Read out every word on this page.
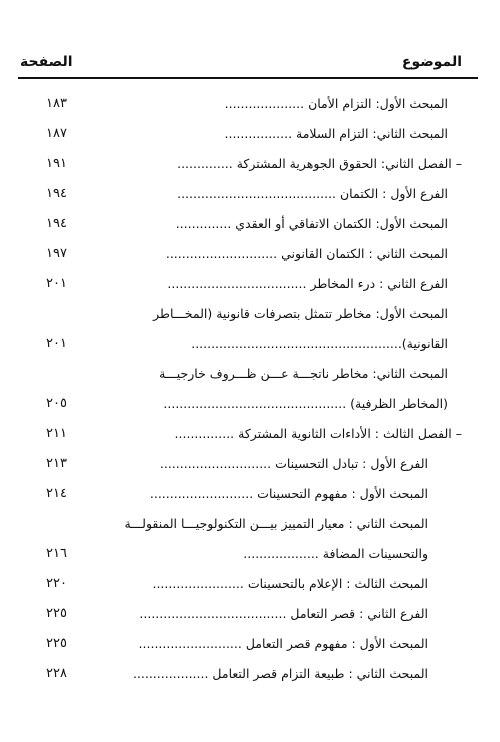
الموضوع
الصفحة
المبحث الأول: التزام الأمان ....................
١٨٣
المبحث الثاني: التزام السلامة .................
١٨٧
– الفصل الثاني: الحقوق الجوهرية المشتركة ..............
١٩١
الفرع الأول : الكتمان ........................................
١٩٤
المبحث الأول: الكتمان الاتفاقي أو العقدي ..............
١٩٤
المبحث الثاني : الكتمان القانوني ............................
١٩٧
الفرع الثاني : درء المخاطر ...................................
٢٠١
المبحث الأول: مخاطر تتمثل بتصرفات قانونية (المخـــاطر
القانونية).....................................................
٢٠١
المبحث الثاني: مخاطر ناتجـــة عـــن ظـــروف خارجيـــة
(المخاطر الظرفية) ..............................................
٢٠٥
– الفصل الثالث : الأداءات الثانوية المشتركة ...............
٢١١
الفرع الأول : تبادل التحسينات ............................
٢١٣
المبحث الأول : مفهوم التحسينات ..........................
٢١٤
المبحث الثاني : معيار التمييز بيـــن التكنولوجيـــا المنقولـــة
والتحسينات المضافة ...................
٢١٦
المبحث الثالث : الإعلام بالتحسينات .......................
٢٢٠
الفرع الثاني : قصر التعامل .....................................
٢٢٥
المبحث الأول : مفهوم قصر التعامل ..........................
٢٢٥
المبحث الثاني : طبيعة التزام قصر التعامل ...................
٢٢٨
